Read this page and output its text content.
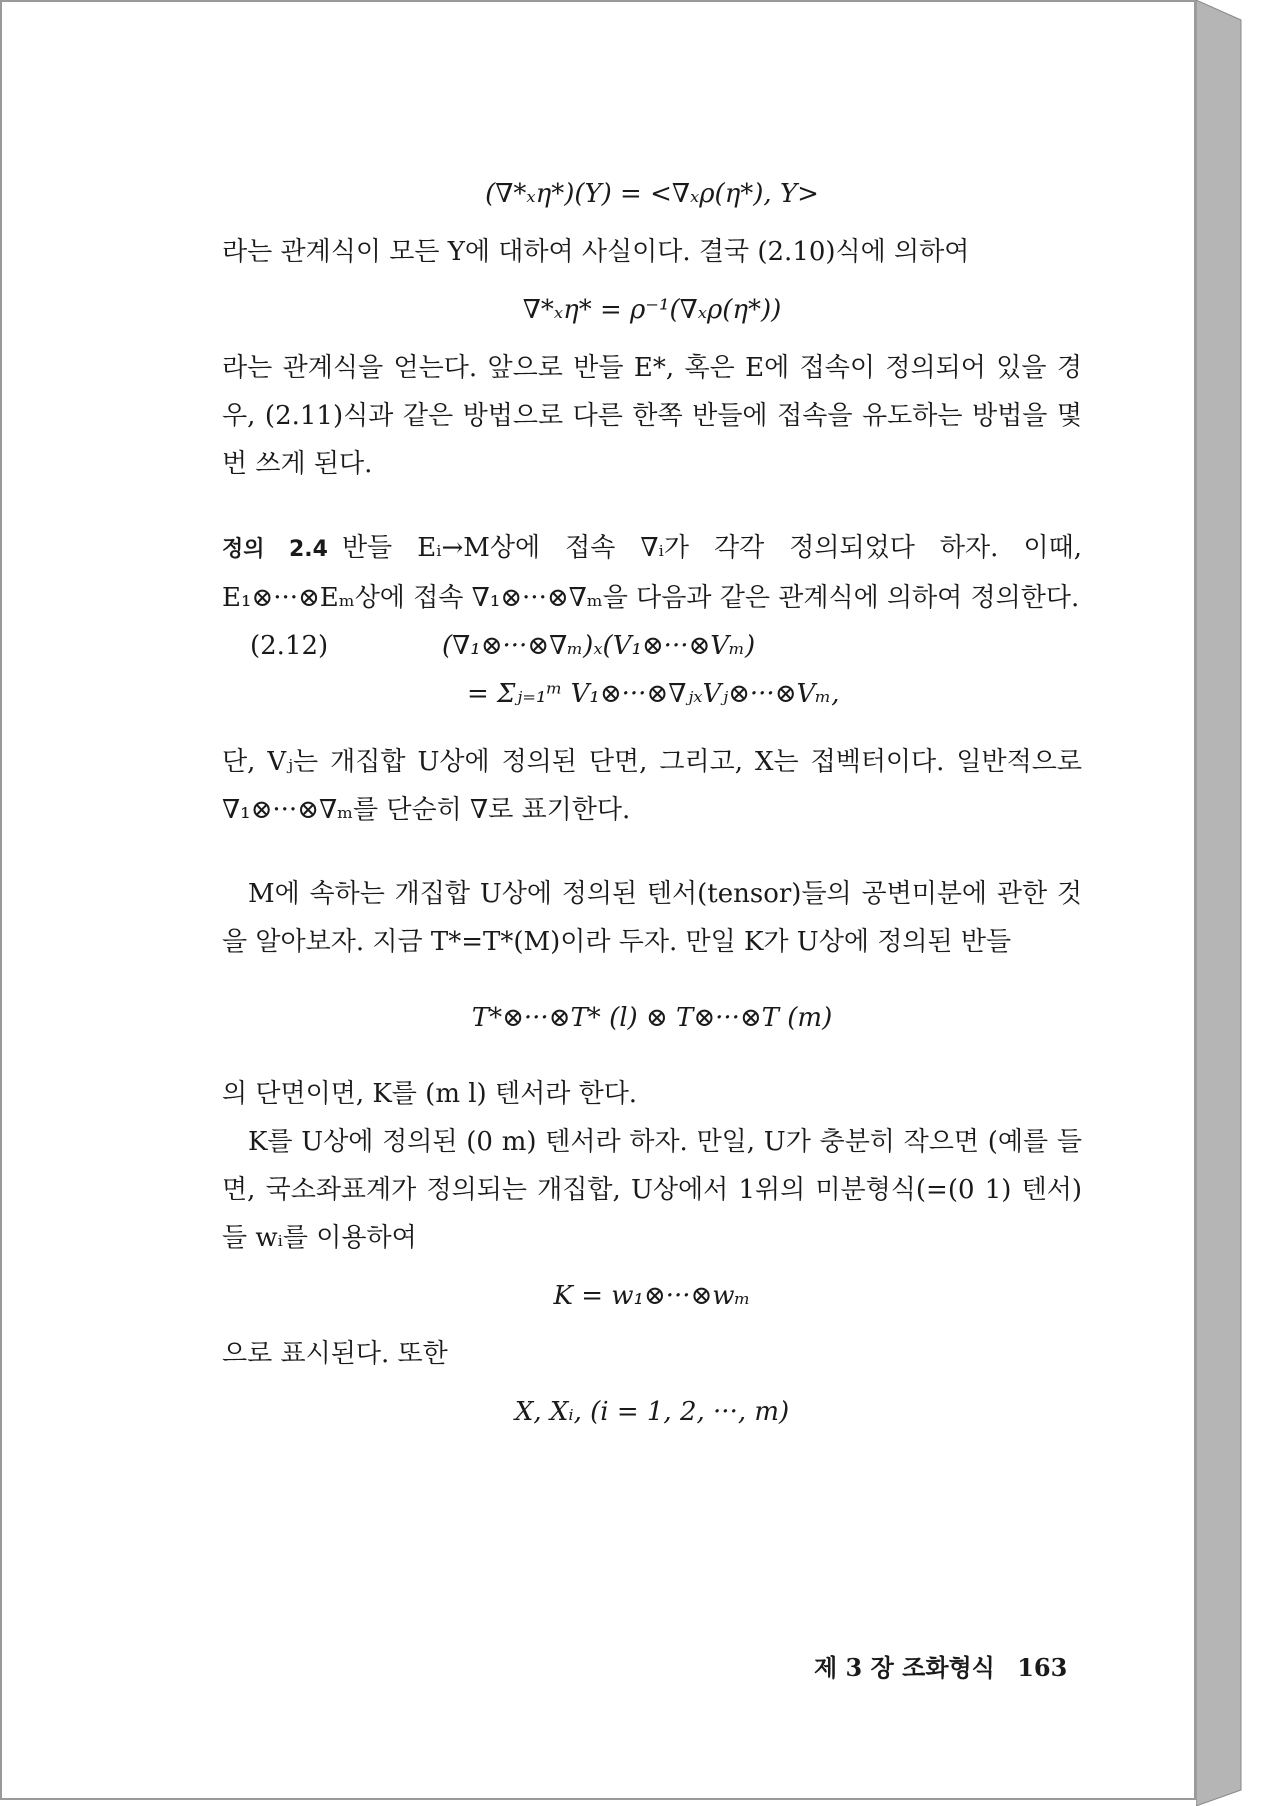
(∇*ₓη*)(Y) = <∇ₓρ(η*), Y>

라는 관계식이 모든 Y에 대하여 사실이다. 결국 (2.10)식에 의하여

∇*ₓη* = ρ⁻¹(∇ₓρ(η*))

라는 관계식을 얻는다. 앞으로 반들 E*, 혹은 E에 접속이 정의되어 있을 경우, (2.11)식과 같은 방법으로 다른 한쪽 반들에 접속을 유도하는 방법을 몇 번 쓰게 된다.

정의 2.4 반들 Eᵢ→M상에 접속 ∇ᵢ가 각각 정의되었다 하자. 이때, E₁⊗···⊗Eₘ상에 접속 ∇₁⊗···⊗∇ₘ을 다음과 같은 관계식에 의하여 정의한다.

(2.12)	(∇₁⊗···⊗∇ₘ)ₓ(V₁⊗···⊗Vₘ)
= Σⱼ₌₁ᵐ V₁⊗···⊗∇ⱼₓVⱼ⊗···⊗Vₘ,

단, Vⱼ는 개집합 U상에 정의된 단면, 그리고, X는 접벡터이다. 일반적으로 ∇₁⊗···⊗∇ₘ를 단순히 ∇로 표기한다.

M에 속하는 개집합 U상에 정의된 텐서(tensor)들의 공변미분에 관한 것을 알아보자. 지금 T*=T*(M)이라 두자. 만일 K가 U상에 정의된 반들

T*⊗···⊗T* (l) ⊗ T⊗···⊗T (m)

의 단면이면, K를 (m l) 텐서라 한다.

K를 U상에 정의된 (0 m) 텐서라 하자. 만일, U가 충분히 작으면 (예를 들면, 국소좌표계가 정의되는 개집합, U상에서 1위의 미분형식(=(0 1) 텐서)들 wᵢ를 이용하여

K = w₁⊗···⊗wₘ

으로 표시된다. 또한

X, Xᵢ, (i = 1, 2, ···, m)
제 3 장 조화형식 163
